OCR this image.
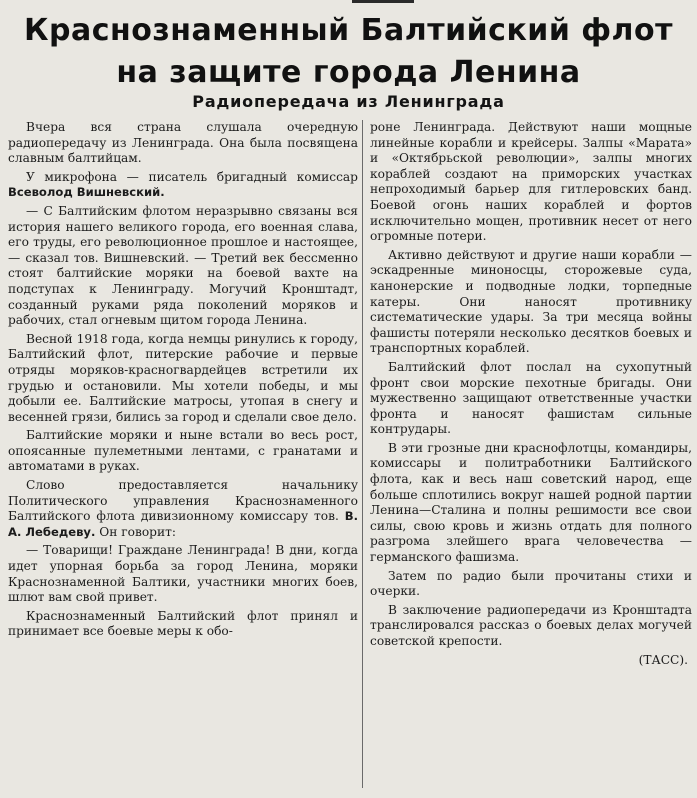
Краснознаменный Балтийский флот
на защите города Ленина
Радиопередача из Ленинграда

Вчера вся страна слушала очередную радиопередачу из Ленинграда. Она была посвящена славным балтийцам.

У микрофона — писатель бригадный комиссар Всеволод Вишневский.

— С Балтийским флотом неразрывно связаны вся история нашего великого города, его военная слава, его труды, его революционное прошлое и настоящее, — сказал тов. Вишневский. — Третий век бессменно стоят балтийские моряки на боевой вахте на подступах к Ленинграду. Могучий Кронштадт, созданный руками ряда поколений моряков и рабочих, стал огневым щитом города Ленина.

Весной 1918 года, когда немцы ринулись к городу, Балтийский флот, питерские рабочие и первые отряды моряков-красногвардейцев встретили их грудью и остановили. Мы хотели победы, и мы добыли ее. Балтийские матросы, утопая в снегу и весенней грязи, бились за город и сделали свое дело.

Балтийские моряки и ныне встали во весь рост, опоясанные пулеметными лентами, с гранатами и автоматами в руках.

Слово предоставляется начальнику Политического управления Краснознаменного Балтийского флота дивизионному комиссару тов. В. А. Лебедеву. Он говорит:

— Товарищи! Граждане Ленинграда! В дни, когда идет упорная борьба за город Ленина, моряки Краснознаменной Балтики, участники многих боев, шлют вам свой привет.

Краснознаменный Балтийский флот принял и принимает все боевые меры к обо-

роне Ленинграда. Действуют наши мощные линейные корабли и крейсеры. Залпы «Марата» и «Октябрьской революции», залпы многих кораблей создают на приморских участках непроходимый барьер для гитлеровских банд. Боевой огонь наших кораблей и фортов исключительно мощен, противник несет от него огромные потери.

Активно действуют и другие наши корабли — эскадренные миноносцы, сторожевые суда, канонерские и подводные лодки, торпедные катеры. Они наносят противнику систематические удары. За три месяца войны фашисты потеряли несколько десятков боевых и транспортных кораблей.

Балтийский флот послал на сухопутный фронт свои морские пехотные бригады. Они мужественно защищают ответственные участки фронта и наносят фашистам сильные контрудары.

В эти грозные дни краснофлотцы, командиры, комиссары и политработники Балтийского флота, как и весь наш советский народ, еще больше сплотились вокруг нашей родной партии Ленина—Сталина и полны решимости все свои силы, свою кровь и жизнь отдать для полного разгрома злейшего врага человечества — германского фашизма.

Затем по радио были прочитаны стихи и очерки.

В заключение радиопередачи из Кронштадта транслировался рассказ о боевых делах могучей советской крепости.

(ТАСС).
